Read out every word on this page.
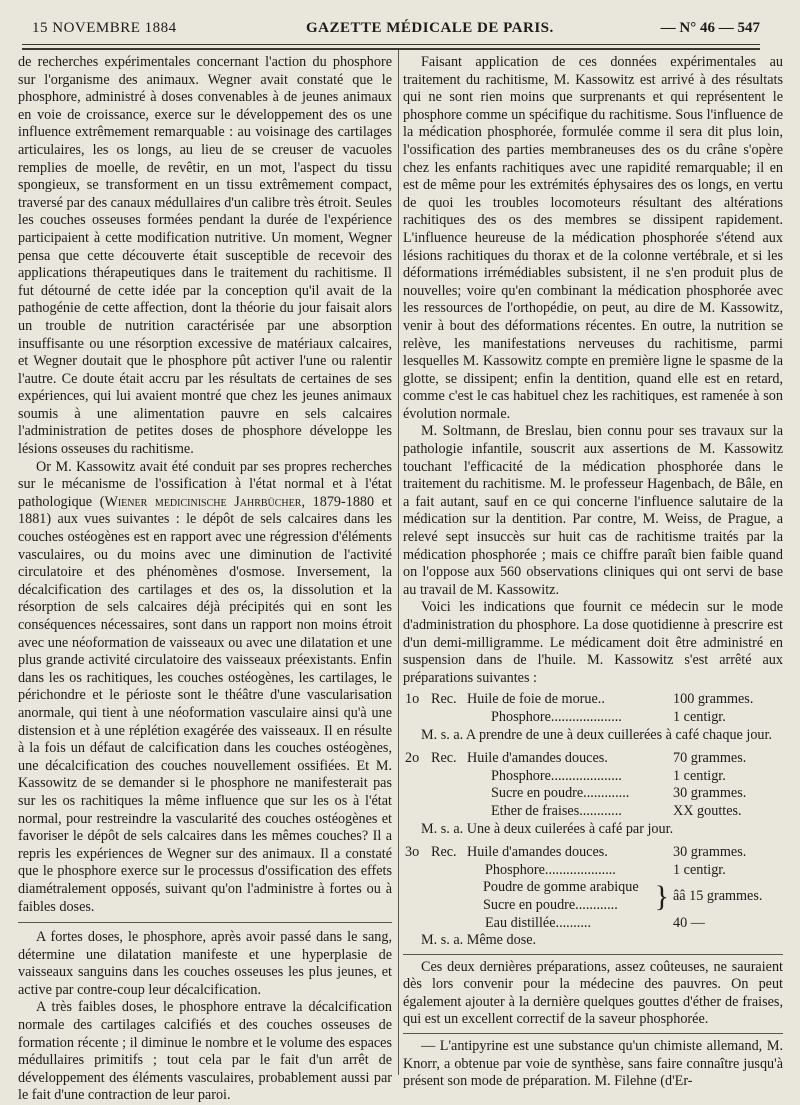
15 NOVEMBRE 1884	GAZETTE MÉDICALE DE PARIS.	— N° 46 — 547

de recherches expérimentales concernant l'action du phosphore sur l'organisme des animaux. Wegner avait constaté que le phosphore, administré à doses convenables à de jeunes animaux en voie de croissance, exerce sur le développement des os une influence extrêmement remarquable : au voisinage des cartilages articulaires, les os longs, au lieu de se creuser de vacuoles remplies de moelle, de revêtir, en un mot, l'aspect du tissu spongieux, se transforment en un tissu extrêmement compact, traversé par des canaux médullaires d'un calibre très étroit. Seules les couches osseuses formées pendant la durée de l'expérience participaient à cette modification nutritive. Un moment, Wegner pensa que cette découverte était susceptible de recevoir des applications thérapeutiques dans le traitement du rachitisme. Il fut détourné de cette idée par la conception qu'il avait de la pathogénie de cette affection, dont la théorie du jour faisait alors un trouble de nutrition caractérisée par une absorption insuffisante ou une résorption excessive de matériaux calcaires, et Wegner doutait que le phosphore pût activer l'une ou ralentir l'autre. Ce doute était accru par les résultats de certaines de ses expériences, qui lui avaient montré que chez les jeunes animaux soumis à une alimentation pauvre en sels calcaires l'administration de petites doses de phosphore développe les lésions osseuses du rachitisme.

Or M. Kassowitz avait été conduit par ses propres recherches sur le mécanisme de l'ossification à l'état normal et à l'état pathologique (Wiener medicinische Jahrbücher, 1879-1880 et 1881) aux vues suivantes : le dépôt de sels calcaires dans les couches ostéogènes est en rapport avec une régression d'éléments vasculaires, ou du moins avec une diminution de l'activité circulatoire et des phénomènes d'osmose. Inversement, la décalcification des cartilages et des os, la dissolution et la résorption de sels calcaires déjà précipités qui en sont les conséquences nécessaires, sont dans un rapport non moins étroit avec une néoformation de vaisseaux ou avec une dilatation et une plus grande activité circulatoire des vaisseaux préexistants. Enfin dans les os rachitiques, les couches ostéogènes, les cartilages, le périchondre et le périoste sont le théâtre d'une vascularisation anormale, qui tient à une néoformation vasculaire ainsi qu'à une distension et à une réplétion exagérée des vaisseaux. Il en résulte à la fois un défaut de calcification dans les couches ostéogènes, une décalcification des couches nouvellement ossifiées. Et M. Kassowitz de se demander si le phosphore ne manifesterait pas sur les os rachitiques la même influence que sur les os à l'état normal, pour restreindre la vascularité des couches ostéogènes et favoriser le dépôt de sels calcaires dans les mêmes couches? Il a repris les expériences de Wegner sur des animaux. Il a constaté que le phosphore exerce sur le processus d'ossification des effets diamétralement opposés, suivant qu'on l'administre à fortes ou à faibles doses.

A fortes doses, le phosphore, après avoir passé dans le sang, détermine une dilatation manifeste et une hyperplasie de vaisseaux sanguins dans les couches osseuses les plus jeunes, et active par contre-coup leur décalcification.

A très faibles doses, le phosphore entrave la décalcification normale des cartilages calcifiés et des couches osseuses de formation récente ; il diminue le nombre et le volume des espaces médullaires primitifs ; tout cela par le fait d'un arrêt de développement des éléments vasculaires, probablement aussi par le fait d'une contraction de leur paroi.

Faisant application de ces données expérimentales au traitement du rachitisme, M. Kassowitz est arrivé à des résultats qui ne sont rien moins que surprenants et qui représentent le phosphore comme un spécifique du rachitisme. Sous l'influence de la médication phosphorée, formulée comme il sera dit plus loin, l'ossification des parties membraneuses des os du crâne s'opère chez les enfants rachitiques avec une rapidité remarquable; il en est de même pour les extrémités éphysaires des os longs, en vertu de quoi les troubles locomoteurs résultant des altérations rachitiques des os des membres se dissipent rapidement. L'influence heureuse de la médication phosphorée s'étend aux lésions rachitiques du thorax et de la colonne vertébrale, et si les déformations irrémédiables subsistent, il ne s'en produit plus de nouvelles; voire qu'en combinant la médication phosphorée avec les ressources de l'orthopédie, on peut, au dire de M. Kassowitz, venir à bout des déformations récentes. En outre, la nutrition se relève, les manifestations nerveuses du rachitisme, parmi lesquelles M. Kassowitz compte en première ligne le spasme de la glotte, se dissipent; enfin la dentition, quand elle est en retard, comme c'est le cas habituel chez les rachitiques, est ramenée à son évolution normale.

M. Soltmann, de Breslau, bien connu pour ses travaux sur la pathologie infantile, souscrit aux assertions de M. Kassowitz touchant l'efficacité de la médication phosphorée dans le traitement du rachitisme. M. le professeur Hagenbach, de Bâle, en a fait autant, sauf en ce qui concerne l'influence salutaire de la médication sur la dentition. Par contre, M. Weiss, de Prague, a relevé sept insuccès sur huit cas de rachitisme traités par la médication phosphorée ; mais ce chiffre paraît bien faible quand on l'oppose aux 560 observations cliniques qui ont servi de base au travail de M. Kassowitz.

Voici les indications que fournit ce médecin sur le mode d'administration du phosphore. La dose quotidienne à prescrire est d'un demi-milligramme. Le médicament doit être administré en suspension dans de l'huile. M. Kassowitz s'est arrêté aux préparations suivantes :

1o Rec. Huile de foie de morue..	100 grammes.
Phosphore....................	1 centigr.

M. s. a. A prendre de une à deux cuillerées à café chaque jour.

2o Rec. Huile d'amandes douces.	70 grammes.
Phosphore....................	1 centigr.
Sucre en poudre.............	30 grammes.
Ether de fraises............	XX gouttes.

M. s. a. Une à deux cuilerées à café par jour.

3o Rec. Huile d'amandes douces.	30 grammes.
Phosphore....................	1 centigr.
Poudre de gomme arabique
Sucre en poudre............	} ââ 15 grammes.
Eau distillée..........	40 —

M. s. a. Même dose.

Ces deux dernières préparations, assez coûteuses, ne sauraient dès lors convenir pour la médecine des pauvres. On peut également ajouter à la dernière quelques gouttes d'éther de fraises, qui est un excellent correctif de la saveur phosphorée.

— L'antipyrine est une substance qu'un chimiste allemand, M. Knorr, a obtenue par voie de synthèse, sans faire connaître jusqu'à présent son mode de préparation. M. Filehne (d'Er-
